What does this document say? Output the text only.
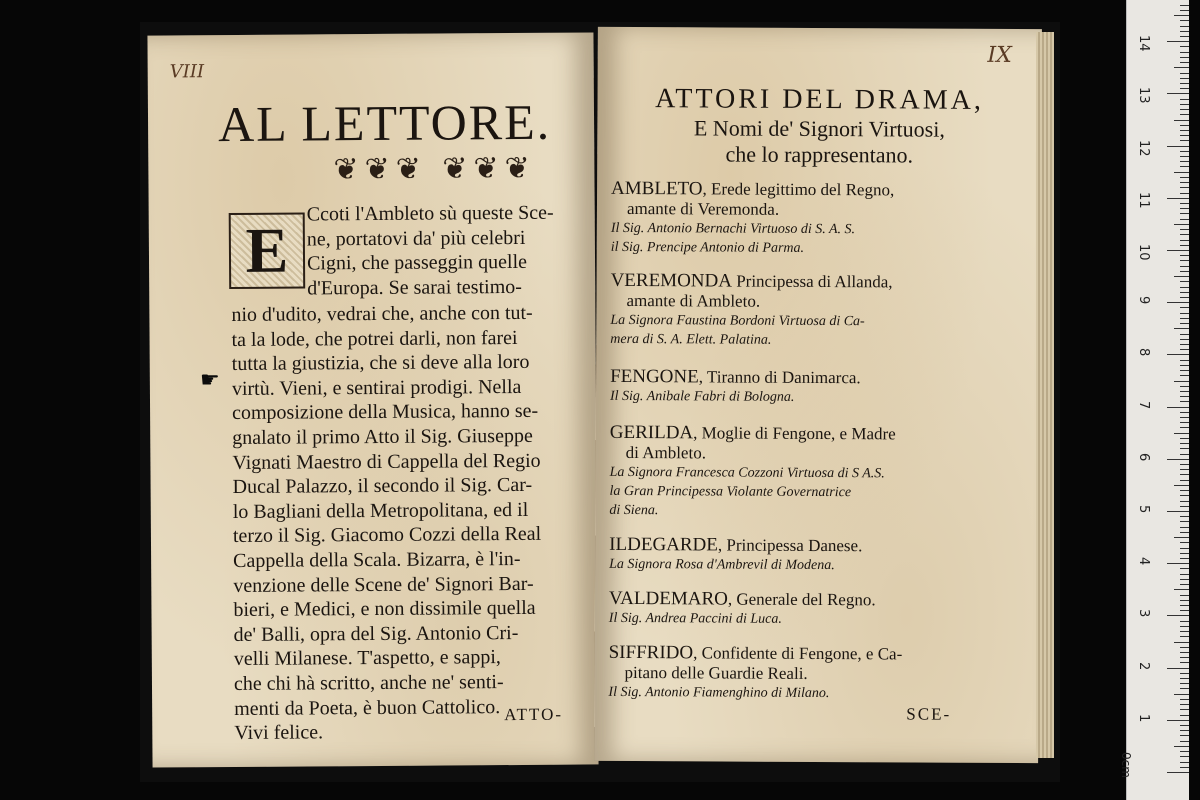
VIII
AL LETTORE.
❦❦❦ ❦❦❦
E
Ccoti l'Ambleto sù queste Sce-
ne, portatovi da' più celebri
Cigni, che passeggin quelle
d'Europa. Se sarai testimo-
nio d'udito, vedrai che, anche con tut-
ta la lode, che potrei darli, non farei
tutta la giustizia, che si deve alla loro
virtù. Vieni, e sentirai prodigi. Nella
composizione della Musica, hanno se-
gnalato il primo Atto il Sig. Giuseppe
Vignati Maestro di Cappella del Regio
Ducal Palazzo, il secondo il Sig. Car-
lo Bagliani della Metropolitana, ed il
terzo il Sig. Giacomo Cozzi della Real
Cappella della Scala. Bizarra, è l'in-
venzione delle Scene de' Signori Bar-
bieri, e Medici, e non dissimile quella
de' Balli, opra del Sig. Antonio Cri-
velli Milanese. T'aspetto, e sappi,
che chi hà scritto, anche ne' senti-
menti da Poeta, è buon Cattolico.
Vivi felice.
ATTO-
☛
IX
ATTORI DEL DRAMA,
E Nomi de' Signori Virtuosi,
che lo rappresentano.
AMBLETO, Erede legittimo del Regno,
amante di Veremonda.
Il Sig. Antonio Bernachi Virtuoso di S. A. S.
il Sig. Prencipe Antonio di Parma.
VEREMONDA Principessa di Allanda,
amante di Ambleto.
La Signora Faustina Bordoni Virtuosa di Ca-
mera di S. A. Elett. Palatina.
FENGONE, Tiranno di Danimarca.
Il Sig. Anibale Fabri di Bologna.
GERILDA, Moglie di Fengone, e Madre
di Ambleto.
La Signora Francesca Cozzoni Virtuosa di S A.S.
la Gran Principessa Violante Governatrice
di Siena.
ILDEGARDE, Principessa Danese.
La Signora Rosa d'Ambrevil di Modena.
VALDEMARO, Generale del Regno.
Il Sig. Andrea Paccini di Luca.
SIFFRIDO, Confidente di Fengone, e Ca-
pitano delle Guardie Reali.
Il Sig. Antonio Fiamenghino di Milano.
SCE-
0cm
1
2
3
4
5
6
7
8
9
10
11
12
13
14
